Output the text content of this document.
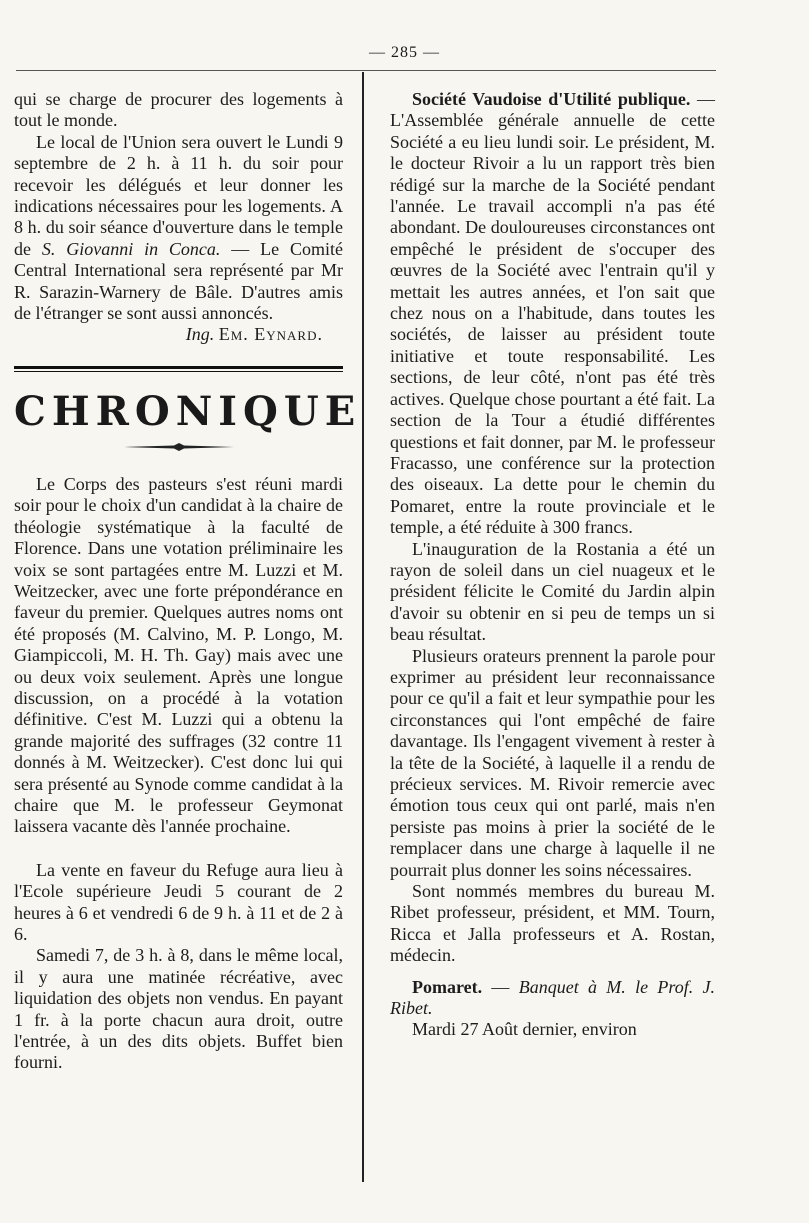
— 285 —

qui se charge de procurer des logements à tout le monde.

Le local de l'Union sera ouvert le Lundi 9 septembre de 2 h. à 11 h. du soir pour recevoir les délégués et leur donner les indications nécessaires pour les logements. A 8 h. du soir séance d'ouverture dans le temple de S. Giovanni in Conca. — Le Comité Central International sera représenté par Mr R. Sarazin-Warnery de Bâle. D'autres amis de l'étranger se sont aussi annoncés.

Ing. Em. Eynard.

CHRONIQUE

Le Corps des pasteurs s'est réuni mardi soir pour le choix d'un candidat à la chaire de théologie systématique à la faculté de Florence. Dans une votation préliminaire les voix se sont partagées entre M. Luzzi et M. Weitzecker, avec une forte prépondérance en faveur du premier. Quelques autres noms ont été proposés (M. Calvino, M. P. Longo, M. Giampiccoli, M. H. Th. Gay) mais avec une ou deux voix seulement. Après une longue discussion, on a procédé à la votation définitive. C'est M. Luzzi qui a obtenu la grande majorité des suffrages (32 contre 11 donnés à M. Weitzecker). C'est donc lui qui sera présenté au Synode comme candidat à la chaire que M. le professeur Geymonat laissera vacante dès l'année prochaine.

La vente en faveur du Refuge aura lieu à l'Ecole supérieure Jeudi 5 courant de 2 heures à 6 et vendredi 6 de 9 h. à 11 et de 2 à 6.

Samedi 7, de 3 h. à 8, dans le même local, il y aura une matinée récréative, avec liquidation des objets non vendus. En payant 1 fr. à la porte chacun aura droit, outre l'entrée, à un des dits objets. Buffet bien fourni.

Société Vaudoise d'Utilité publique. — L'Assemblée générale annuelle de cette Société a eu lieu lundi soir. Le président, M. le docteur Rivoir a lu un rapport très bien rédigé sur la marche de la Société pendant l'année. Le travail accompli n'a pas été abondant. De douloureuses circonstances ont empêché le président de s'occuper des œuvres de la Société avec l'entrain qu'il y mettait les autres années, et l'on sait que chez nous on a l'habitude, dans toutes les sociétés, de laisser au président toute initiative et toute responsabilité. Les sections, de leur côté, n'ont pas été très actives. Quelque chose pourtant a été fait. La section de la Tour a étudié différentes questions et fait donner, par M. le professeur Fracasso, une conférence sur la protection des oiseaux. La dette pour le chemin du Pomaret, entre la route provinciale et le temple, a été réduite à 300 francs.

L'inauguration de la Rostania a été un rayon de soleil dans un ciel nuageux et le président félicite le Comité du Jardin alpin d'avoir su obtenir en si peu de temps un si beau résultat.

Plusieurs orateurs prennent la parole pour exprimer au président leur reconnaissance pour ce qu'il a fait et leur sympathie pour les circonstances qui l'ont empêché de faire davantage. Ils l'engagent vivement à rester à la tête de la Société, à laquelle il a rendu de précieux services. M. Rivoir remercie avec émotion tous ceux qui ont parlé, mais n'en persiste pas moins à prier la société de le remplacer dans une charge à laquelle il ne pourrait plus donner les soins nécessaires.

Sont nommés membres du bureau M. Ribet professeur, président, et MM. Tourn, Ricca et Jalla professeurs et A. Rostan, médecin.

Pomaret. — Banquet à M. le Prof. J. Ribet.

Mardi 27 Août dernier, environ
